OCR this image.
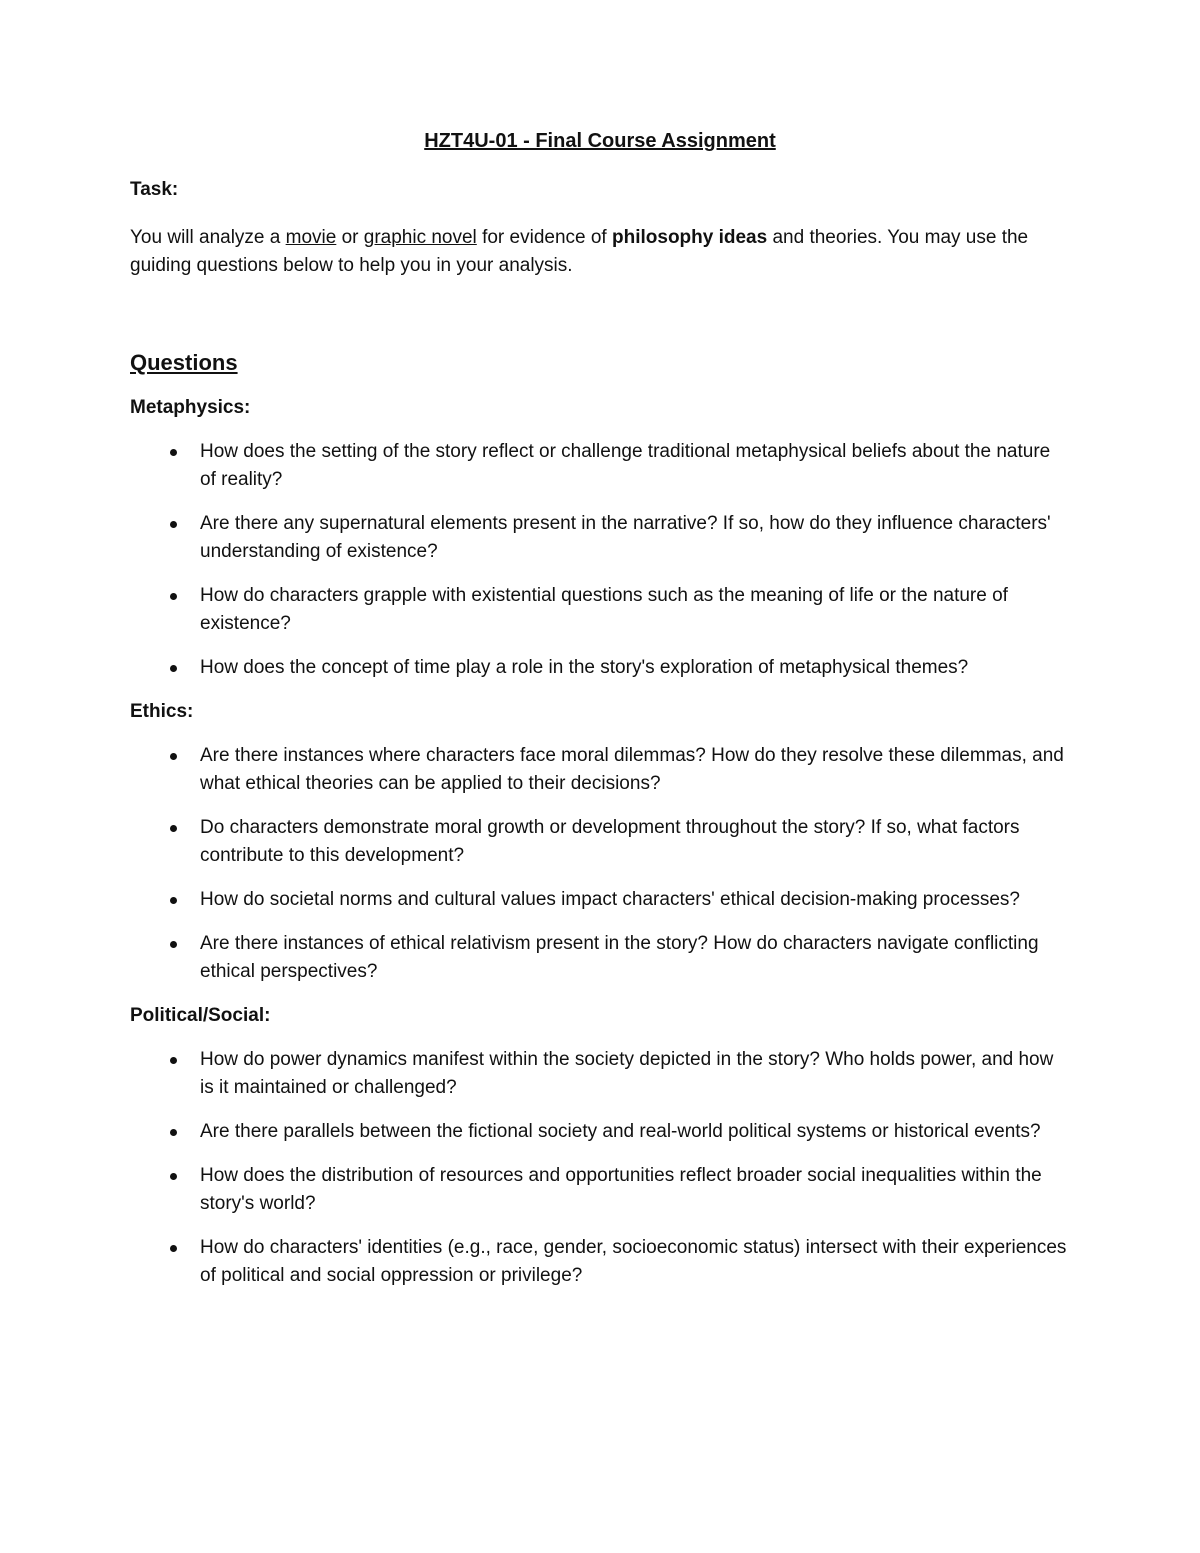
HZT4U-01 - Final Course Assignment
Task:
You will analyze a movie or graphic novel for evidence of philosophy ideas and theories. You may use the guiding questions below to help you in your analysis.
Questions
Metaphysics:
How does the setting of the story reflect or challenge traditional metaphysical beliefs about the nature of reality?
Are there any supernatural elements present in the narrative? If so, how do they influence characters' understanding of existence?
How do characters grapple with existential questions such as the meaning of life or the nature of existence?
How does the concept of time play a role in the story's exploration of metaphysical themes?
Ethics:
Are there instances where characters face moral dilemmas? How do they resolve these dilemmas, and what ethical theories can be applied to their decisions?
Do characters demonstrate moral growth or development throughout the story? If so, what factors contribute to this development?
How do societal norms and cultural values impact characters' ethical decision-making processes?
Are there instances of ethical relativism present in the story? How do characters navigate conflicting ethical perspectives?
Political/Social:
How do power dynamics manifest within the society depicted in the story? Who holds power, and how is it maintained or challenged?
Are there parallels between the fictional society and real-world political systems or historical events?
How does the distribution of resources and opportunities reflect broader social inequalities within the story's world?
How do characters' identities (e.g., race, gender, socioeconomic status) intersect with their experiences of political and social oppression or privilege?
